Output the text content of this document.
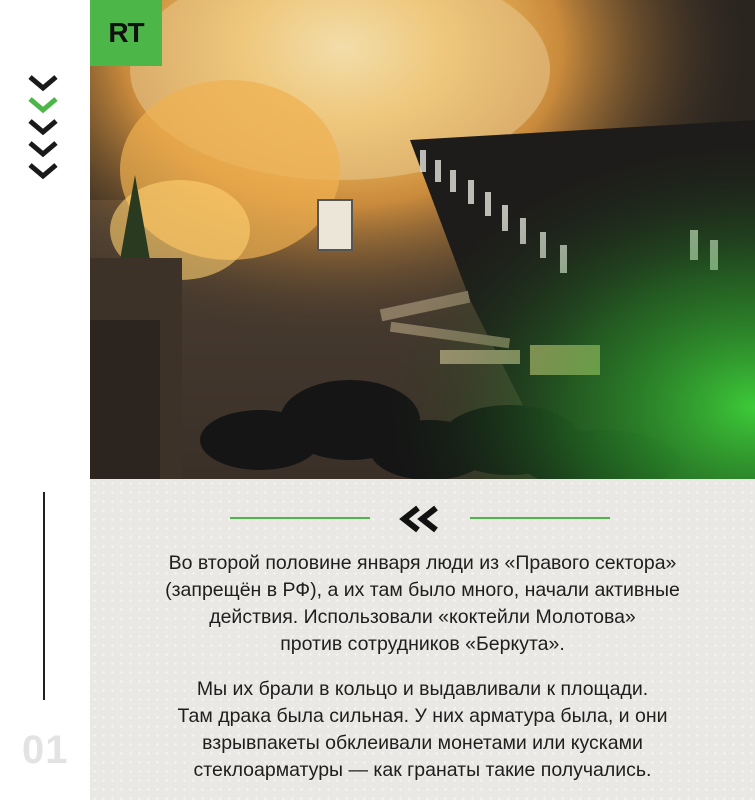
01
RT

Во второй половине января люди из «Правого сектора»
(запрещён в РФ), а их там было много, начали активные
действия. Использовали «коктейли Молотова»
против сотрудников «Беркута».

Мы их брали в кольцо и выдавливали к площади.
Там драка была сильная. У них арматура была, и они
взрывпакеты обклеивали монетами или кусками
стеклоарматуры — как гранаты такие получались.
